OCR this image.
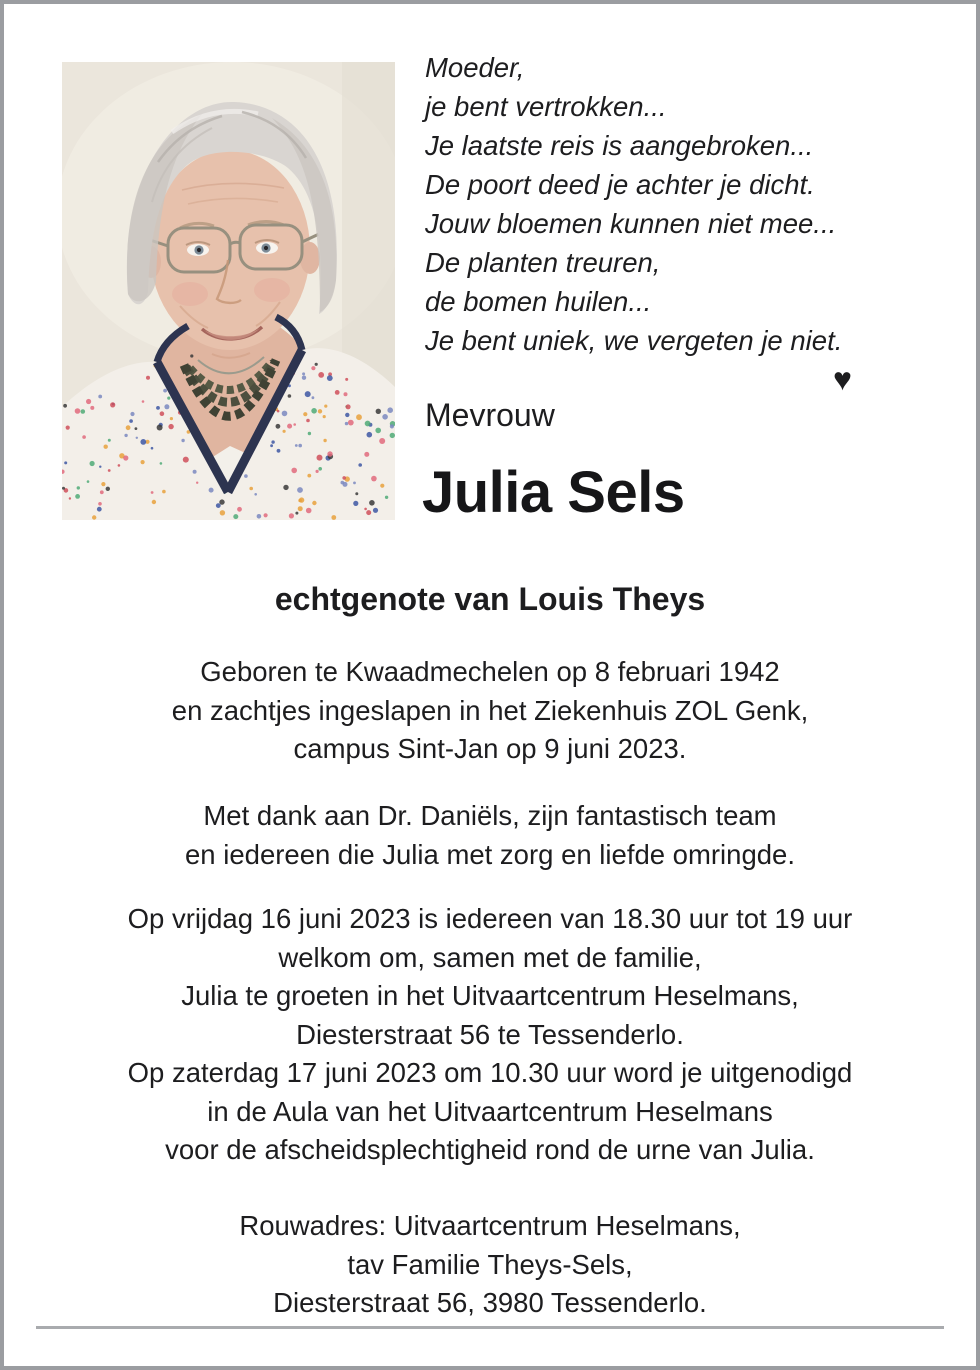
Moeder,
je bent vertrokken...
Je laatste reis is aangebroken...
De poort deed je achter je dicht.
Jouw bloemen kunnen niet mee...
De planten treuren,
de bomen huilen...
Je bent uniek, we vergeten je niet.
♥
Mevrouw
Julia Sels
echtgenote van Louis Theys
Geboren te Kwaadmechelen op 8 februari 1942
en zachtjes ingeslapen in het Ziekenhuis ZOL Genk,
campus Sint-Jan op 9 juni 2023.
Met dank aan Dr. Daniëls, zijn fantastisch team
en iedereen die Julia met zorg en liefde omringde.
Op vrijdag 16 juni 2023 is iedereen van 18.30 uur tot 19 uur
welkom om, samen met de familie,
Julia te groeten in het Uitvaartcentrum Heselmans,
Diesterstraat 56 te Tessenderlo.
Op zaterdag 17 juni 2023 om 10.30 uur word je uitgenodigd
in de Aula van het Uitvaartcentrum Heselmans
voor de afscheidsplechtigheid rond de urne van Julia.
Rouwadres: Uitvaartcentrum Heselmans,
tav Familie Theys-Sels,
Diesterstraat 56, 3980 Tessenderlo.
